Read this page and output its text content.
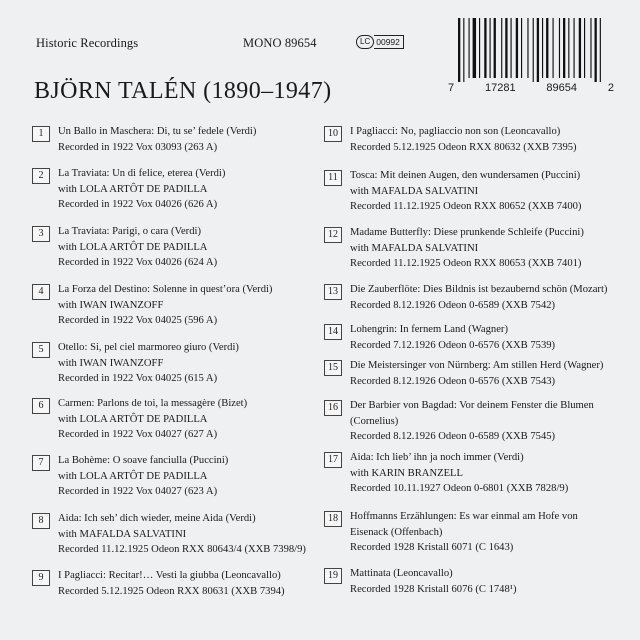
Historic Recordings	MONO 89654	LC 00992
7	17281	89654	2
BJÖRN TALÉN (1890–1947)
1	Un Ballo in Maschera: Di, tu se’ fedele (Verdi)
Recorded in 1922 Vox 03093 (263 A)
2	La Traviata: Un di felice, eterea (Verdi)
with LOLA ARTÔT DE PADILLA
Recorded in 1922 Vox 04026 (626 A)
3	La Traviata: Parigi, o cara (Verdi)
with LOLA ARTÔT DE PADILLA
Recorded in 1922 Vox 04026 (624 A)
4	La Forza del Destino: Solenne in quest’ora (Verdi)
with IWAN IWANZOFF
Recorded in 1922 Vox 04025 (596 A)
5	Otello: Si, pel ciel marmoreo giuro (Verdi)
with IWAN IWANZOFF
Recorded in 1922 Vox 04025 (615 A)
6	Carmen: Parlons de toi, la messagère (Bizet)
with LOLA ARTÔT DE PADILLA
Recorded in 1922 Vox 04027 (627 A)
7	La Bohème: O soave fanciulla (Puccini)
with LOLA ARTÔT DE PADILLA
Recorded in 1922 Vox 04027 (623 A)
8	Aida: Ich seh’ dich wieder, meine Aida (Verdi)
with MAFALDA SALVATINI
Recorded 11.12.1925 Odeon RXX 80643/4 (XXB 7398/9)
9	I Pagliacci: Recitar!… Vesti la giubba (Leoncavallo)
Recorded 5.12.1925 Odeon RXX 80631 (XXB 7394)
10	I Pagliacci: No, pagliaccio non son (Leoncavallo)
Recorded 5.12.1925 Odeon RXX 80632 (XXB 7395)
11	Tosca: Mit deinen Augen, den wundersamen (Puccini)
with MAFALDA SALVATINI
Recorded 11.12.1925 Odeon RXX 80652 (XXB 7400)
12	Madame Butterfly: Diese prunkende Schleife (Puccini)
with MAFALDA SALVATINI
Recorded 11.12.1925 Odeon RXX 80653 (XXB 7401)
13	Die Zauberflöte: Dies Bildnis ist bezaubernd schön (Mozart)
Recorded 8.12.1926 Odeon 0-6589 (XXB 7542)
14	Lohengrin: In fernem Land (Wagner)
Recorded 7.12.1926 Odeon 0-6576 (XXB 7539)
15	Die Meistersinger von Nürnberg: Am stillen Herd (Wagner)
Recorded 8.12.1926 Odeon 0-6576 (XXB 7543)
16	Der Barbier von Bagdad: Vor deinem Fenster die Blumen
(Cornelius)
Recorded 8.12.1926 Odeon 0-6589 (XXB 7545)
17	Aida: Ich lieb’ ihn ja noch immer (Verdi)
with KARIN BRANZELL
Recorded 10.11.1927 Odeon 0-6801 (XXB 7828/9)
18	Hoffmanns Erzählungen: Es war einmal am Hofe von
Eisenack (Offenbach)
Recorded 1928 Kristall 6071 (C 1643)
19	Mattinata (Leoncavallo)
Recorded 1928 Kristall 6076 (C 1748¹)
